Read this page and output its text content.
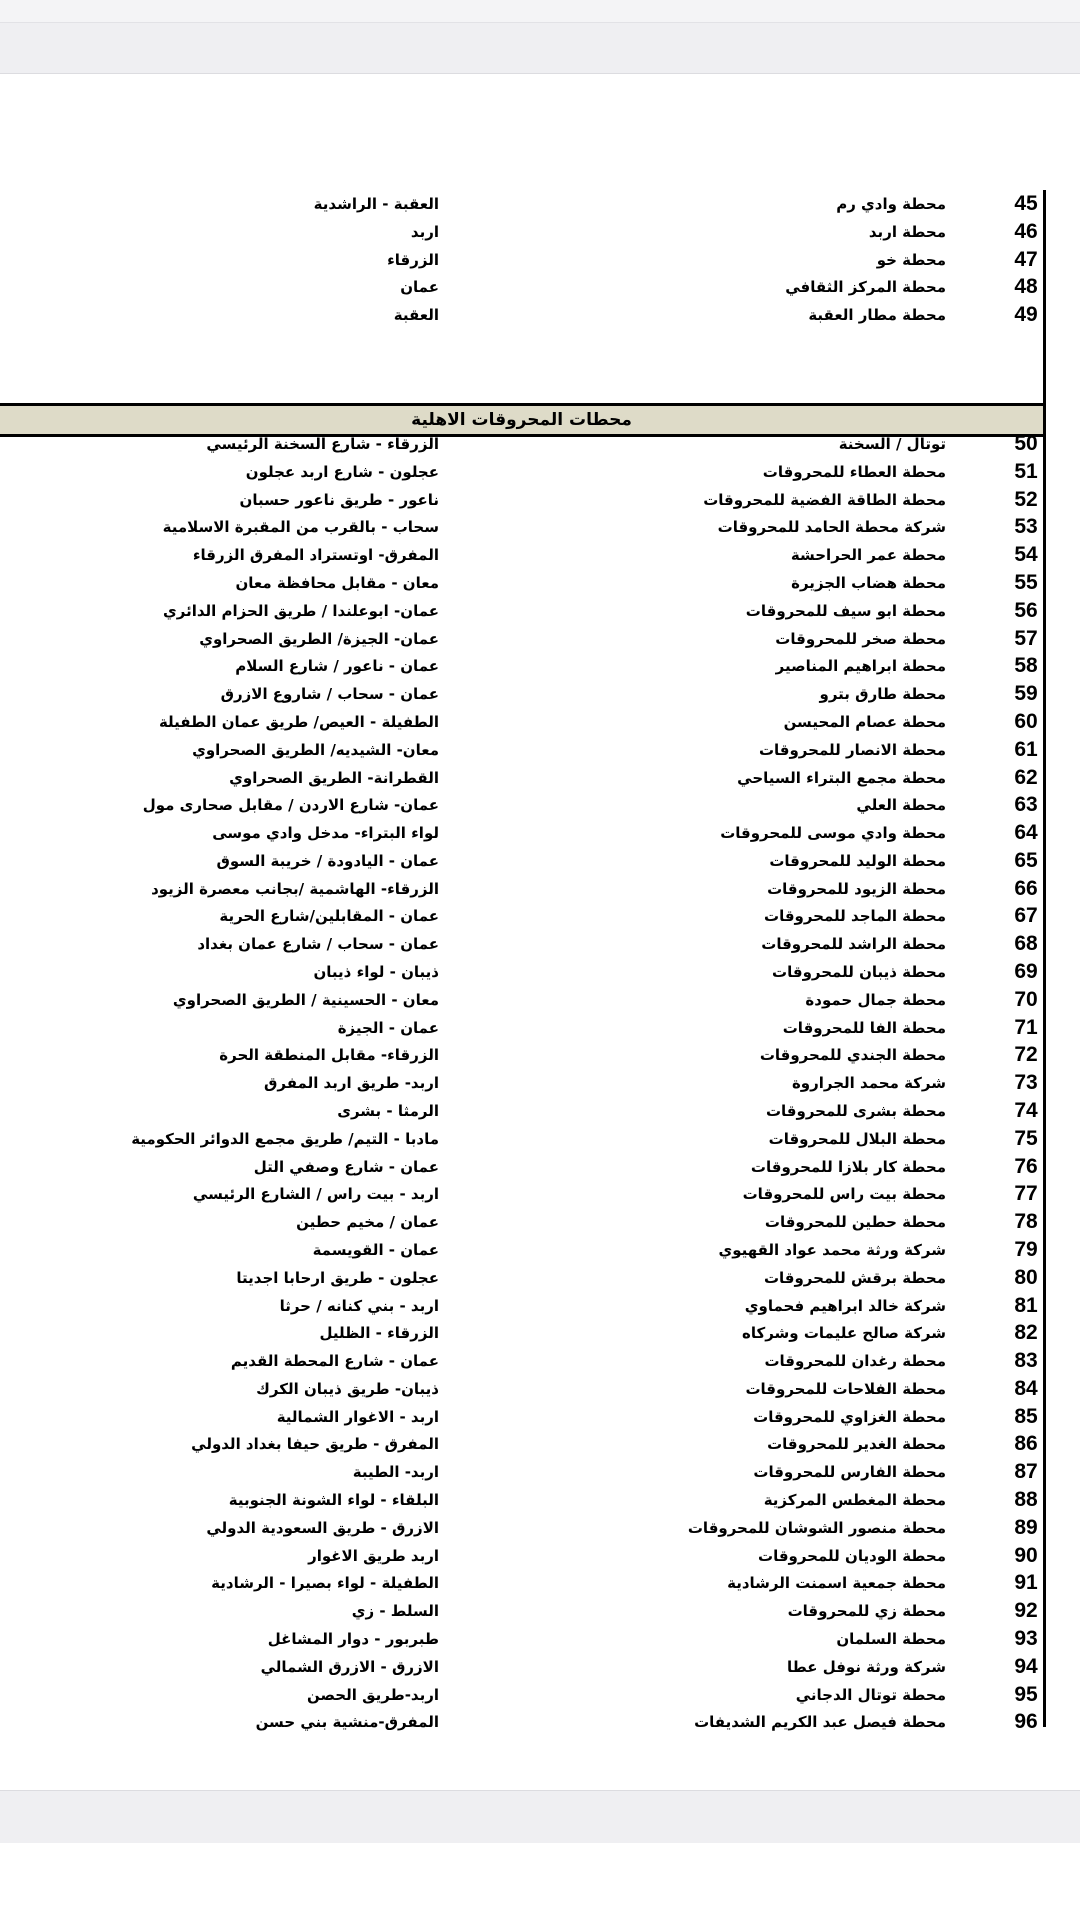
45
محطة وادي رم
العقبة - الراشدية
46
محطة اربد
اربد
47
محطة خو
الزرقاء
48
محطة المركز الثقافي
عمان
49
محطة مطار العقبة
العقبة
محطات المحروقات الاهلية
50
توتال / السخنة
الزرقاء - شارع السخنة الرئيسي
51
محطة العطاء للمحروقات
عجلون - شارع اربد عجلون
52
محطة الطاقة الفضية للمحروقات
ناعور - طريق ناعور حسبان
53
شركة محطة الحامد للمحروقات
سحاب - بالقرب من المقبرة الاسلامية
54
محطة عمر الحراحشة
المفرق- اوتستراد المفرق الزرقاء
55
محطة هضاب الجزيرة
معان - مقابل محافظة معان
56
محطة ابو سيف للمحروقات
عمان- ابوعلندا / طريق الحزام الدائري
57
محطة صخر للمحروقات
عمان- الجيزة/ الطريق الصحراوي
58
محطة ابراهيم المناصير
عمان - ناعور / شارع السلام
59
محطة طارق بترو
عمان - سحاب / شاروع الازرق
60
محطة عصام المحيسن
الطفيلة - العيص/ طريق عمان الطفيلة
61
محطة الانصار للمحروقات
معان- الشيديه/ الطريق الصحراوي
62
محطة مجمع البتراء السياحي
القطرانة- الطريق الصحراوي
63
محطة العلي
عمان- شارع الاردن / مقابل صحارى مول
64
محطة وادي موسى للمحروقات
لواء البتراء- مدخل وادي موسى
65
محطة الوليد للمحروقات
عمان - اليادودة / خريبة السوق
66
محطة الزيود للمحروقات
الزرقاء- الهاشمية /بجانب معصرة الزيود
67
محطة الماجد للمحروقات
عمان - المقابلين/شارع الحرية
68
محطة الراشد للمحروقات
عمان - سحاب / شارع عمان بغداد
69
محطة ذيبان للمحروقات
ذيبان - لواء ذيبان
70
محطة جمال حمودة
معان - الحسينية / الطريق الصحراوي
71
محطة الفا للمحروقات
عمان - الجيزة
72
محطة الجندي للمحروقات
الزرقاء- مقابل المنطقة الحرة
73
شركة محمد الجراروة
اربد- طريق اربد المفرق
74
محطة بشرى للمحروقات
الرمثا - بشرى
75
محطة البلال للمحروقات
مادبا - التيم/ طريق مجمع الدوائر الحكومية
76
محطة كار بلازا للمحروقات
عمان - شارع وصفي التل
77
محطة بيت راس للمحروقات
اربد - بيت راس / الشارع الرئيسي
78
محطة حطين للمحروقات
عمان / مخيم حطين
79
شركة ورثة محمد عواد القهيوي
عمان - القويسمة
80
محطة برقش للمحروقات
عجلون - طريق ارحابا اجديتا
81
شركة خالد ابراهيم فحماوي
اربد - بني كنانه / حرثا
82
شركة صالح عليمات وشركاه
الزرقاء - الظليل
83
محطة رغدان للمحروقات
عمان - شارع المحطة القديم
84
محطة الفلاحات للمحروقات
ذيبان- طريق ذيبان الكرك
85
محطة الغزاوي للمحروقات
اربد - الاغوار الشمالية
86
محطة الغدير للمحروقات
المفرق - طريق حيفا بغداد الدولي
87
محطة الفارس للمحروقات
اربد- الطيبة
88
محطة المغطس المركزية
البلقاء - لواء الشونة الجنوبية
89
محطة منصور الشوشان للمحروقات
الازرق - طريق السعودية الدولي
90
محطة الوديان للمحروقات
اربد طريق الاغوار
91
محطة جمعية اسمنت الرشادية
الطفيلة - لواء بصيرا - الرشادية
92
محطة زي للمحروقات
السلط - زي
93
محطة السلمان
طبربور - دوار المشاغل
94
شركة ورثة نوفل عطا
الازرق - الازرق الشمالي
95
محطة توتال الدجاني
اربد-طريق الحصن
96
محطة فيصل عبد الكريم الشديفات
المفرق-منشية بني حسن
